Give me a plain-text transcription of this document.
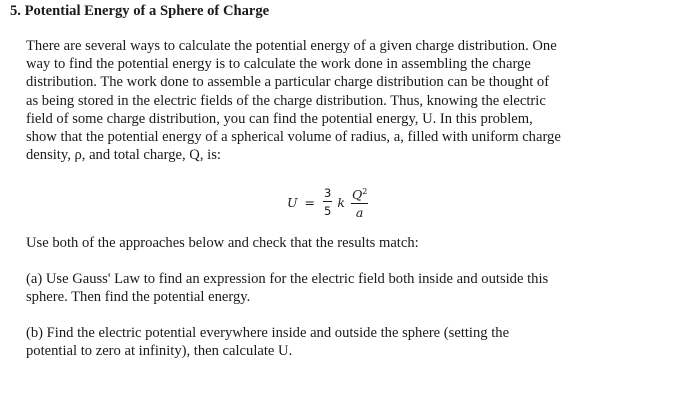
5. Potential Energy of a Sphere of Charge
There are several ways to calculate the potential energy of a given charge distribution. One
way to find the potential energy is to calculate the work done in assembling the charge
distribution. The work done to assemble a particular charge distribution can be thought of
as being stored in the electric fields of the charge distribution. Thus, knowing the electric
field of some charge distribution, you can find the potential energy, U. In this problem,
show that the potential energy of a spherical volume of radius, a, filled with uniform charge
density, ρ, and total charge, Q, is:
$U = \frac{3}{5}$ k $\frac{Q^2}{a}$
Use both of the approaches below and check that the results match:
(a) Use Gauss' Law to find an expression for the electric field both inside and outside this
sphere. Then find the potential energy.
(b) Find the electric potential everywhere inside and outside the sphere (setting the
potential to zero at infinity), then calculate U.
